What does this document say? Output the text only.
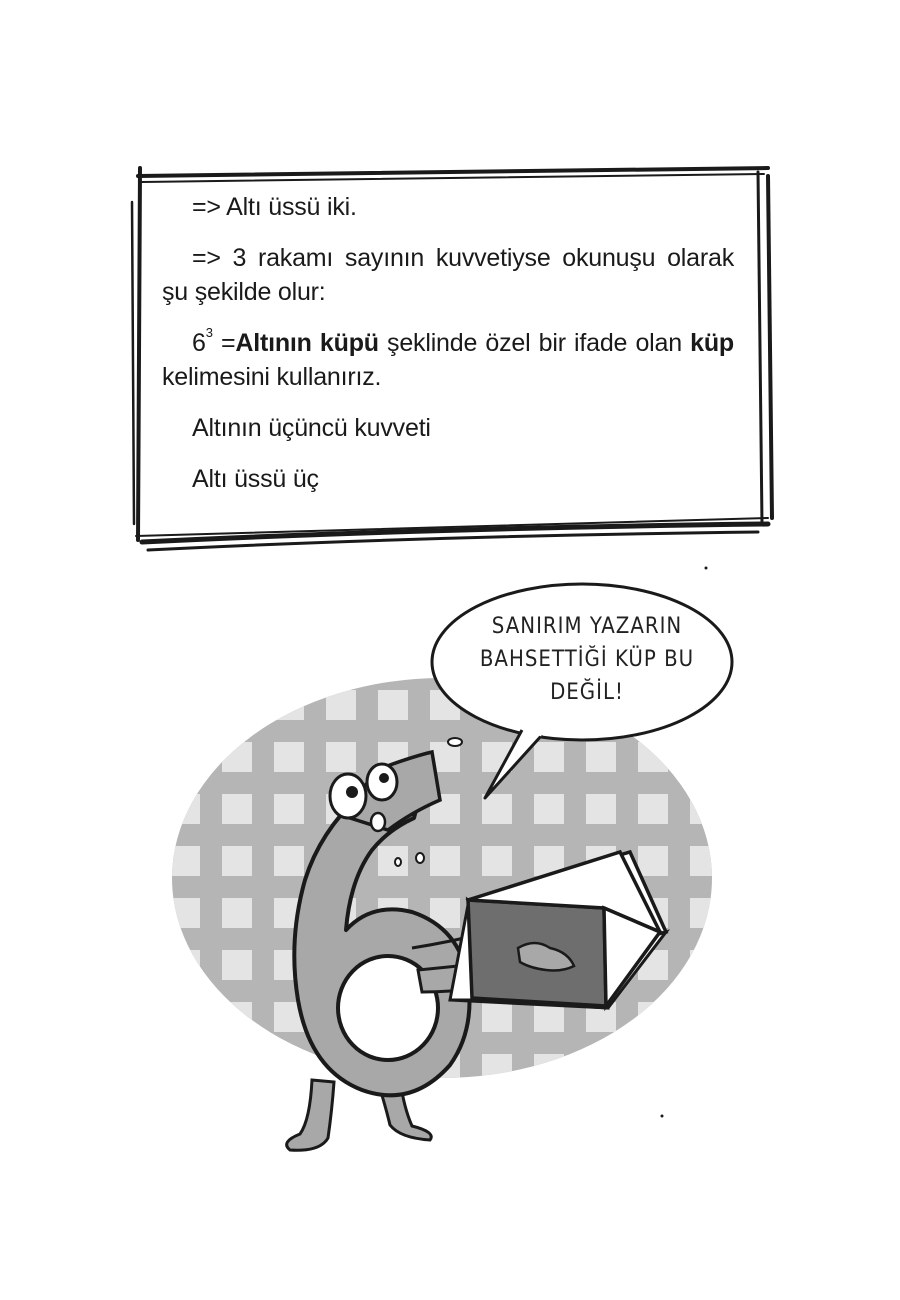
=> Altı üssü iki.

=> 3 rakamı sayının kuvvetiyse okunuşu olarak şu şekilde olur:

$6^3$ =Altının küpü şeklinde özel bir ifade olan küp kelimesini kullanırız.

Altının üçüncü kuvveti

Altı üssü üç

SANIRIM YAZARIN
BAHSETTİĞİ KÜP BU
DEĞİL!
